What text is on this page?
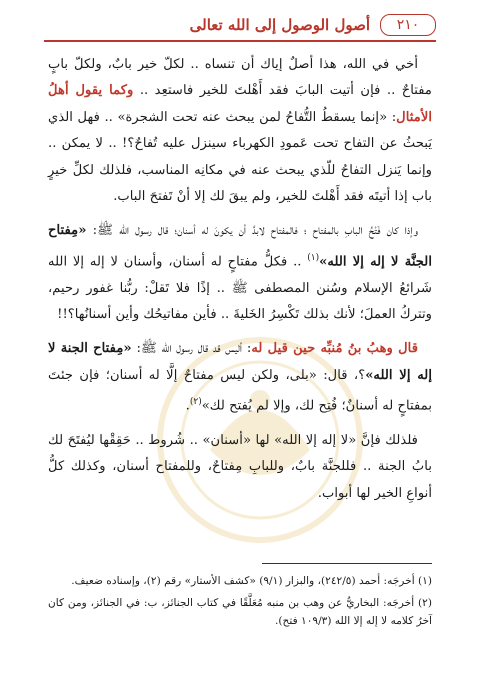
٢١٠
أصول الوصول إلى الله تعالى

أخي في الله، هذا أصلٌ إياك أن تنساه .. لكلّ خير بابٌ، ولكلّ بابٍ مفتاحٌ .. فإن أتيت البابَ فقد أَهْلتَ للخير فاستعِد .. وكما يقول أهلُ الأمثال: «إنما يسقطُ التُّفاحُ لمن يبحث عنه تحت الشجرة» .. فهل الذي يَبحثُ عن التفاح تحت عَمودِ الكهرباء سينزل عليه تُفاحٌ؟! .. لا يمكن .. وإنما يَنزل التفاحُ للّذي يبحث عنه في مكانِه المناسب، فلذلك لكلِّ خيرٍ باب إذا أتيتَه فقد أَهْلتَ للخير، ولم يبقَ لك إلا أنْ تَفتحَ الباب.

وإذا كان فَتْحُ البابِ بالمفتاح ؛ فالمفتاح لابدَّ أن يكونَ له أسنان؛ قال رسول الله ﷺ: «مِفتاح الجنَّة لا إله إلا الله»$^{(١)}$ .. فكلُّ مفتاحٍ له أسنان، وأسنان لا إله إلا الله شَرائعُ الإسلام وسُنن المصطفى ﷺ .. إذًا فلا تَقلْ: ربُّنا غفور رحيم، وتتركُ العملَ؛ لأنك بذلك تَكْسِرُ الخَليةَ .. فأين مفاتيحُك وأين أسنانُها؟!!

قال وهبُ بنُ مُنبِّه حين قيل له: أليس قد قال رسول الله ﷺ: «مِفتاح الجنة لا إله إلا الله»؟، قال: «بلى، ولكن ليس مفتاحٌ إلَّا له أسنان؛ فإن جئتَ بمفتاحٍ له أسنانٌ؛ فُتِح لك، وإلا لم يُفتح لك»$^{(٢)}$.

فلذلك فإنَّ «لا إله إلا الله» لها «أسنان» .. شُروط .. حَقِقْها ليُفتَحَ لك بابُ الجنة .. فللجنَّة بابٌ، وللبابِ مِفتاحٌ، وللمفتاح أسنان، وكذلك كلُّ أنواعِ الخير لها أبواب.

(١) أخرجَه: أحمد (٢٤٢/٥)، والبزار (٩/١) «كشف الأستار» رقم (٢)، وإسناده ضعيف.

(٢) أخرجَه: البخاريُّ عن وهب بن منبه مُعَلَّقًا في كتاب الجنائز، ب: في الجنائز، ومن كان آخرُ كلامه لا إله إلا الله (١٠٩/٣ فتح).
